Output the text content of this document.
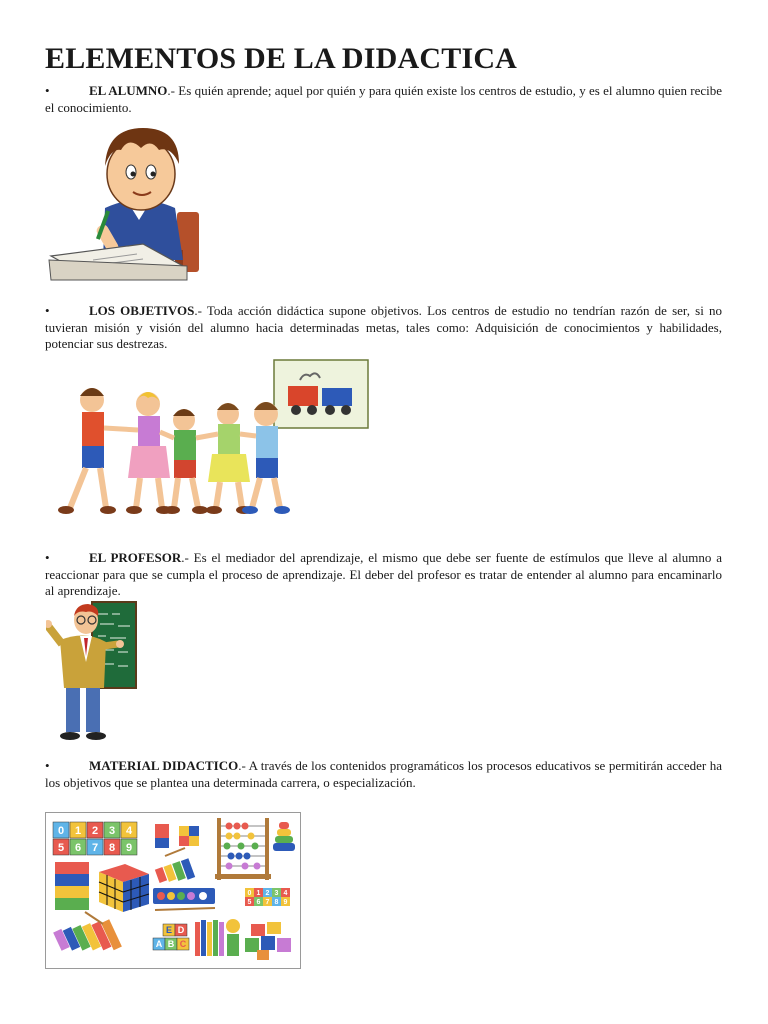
ELEMENTOS DE LA DIDACTICA

•EL ALUMNO.- Es quién aprende; aquel por quién y para quién existe los centros de estudio, y es el alumno quien recibe el conocimiento.

•LOS OBJETIVOS.- Toda acción didáctica supone objetivos. Los centros de estudio no tendrían razón de ser, si no tuvieran misión y visión del alumno hacia determinadas metas, tales como: Adquisición de conocimientos y habilidades, potenciar sus destrezas.

•EL PROFESOR.- Es el mediador del aprendizaje, el mismo que debe ser fuente de estímulos que lleve al alumno a reaccionar para que se cumpla el proceso de aprendizaje. El deber del profesor es tratar de entender al alumno para encaminarlo al aprendizaje.

•MATERIAL DIDACTICO.- A través de los contenidos programáticos los procesos educativos se permitirán acceder ha los objetivos que se plantea una determinada carrera, o especialización.

0 1 2 3 4
5 6 7 8 9
0 1 2 3 4
5 6 7 8 9
E D
A B C
